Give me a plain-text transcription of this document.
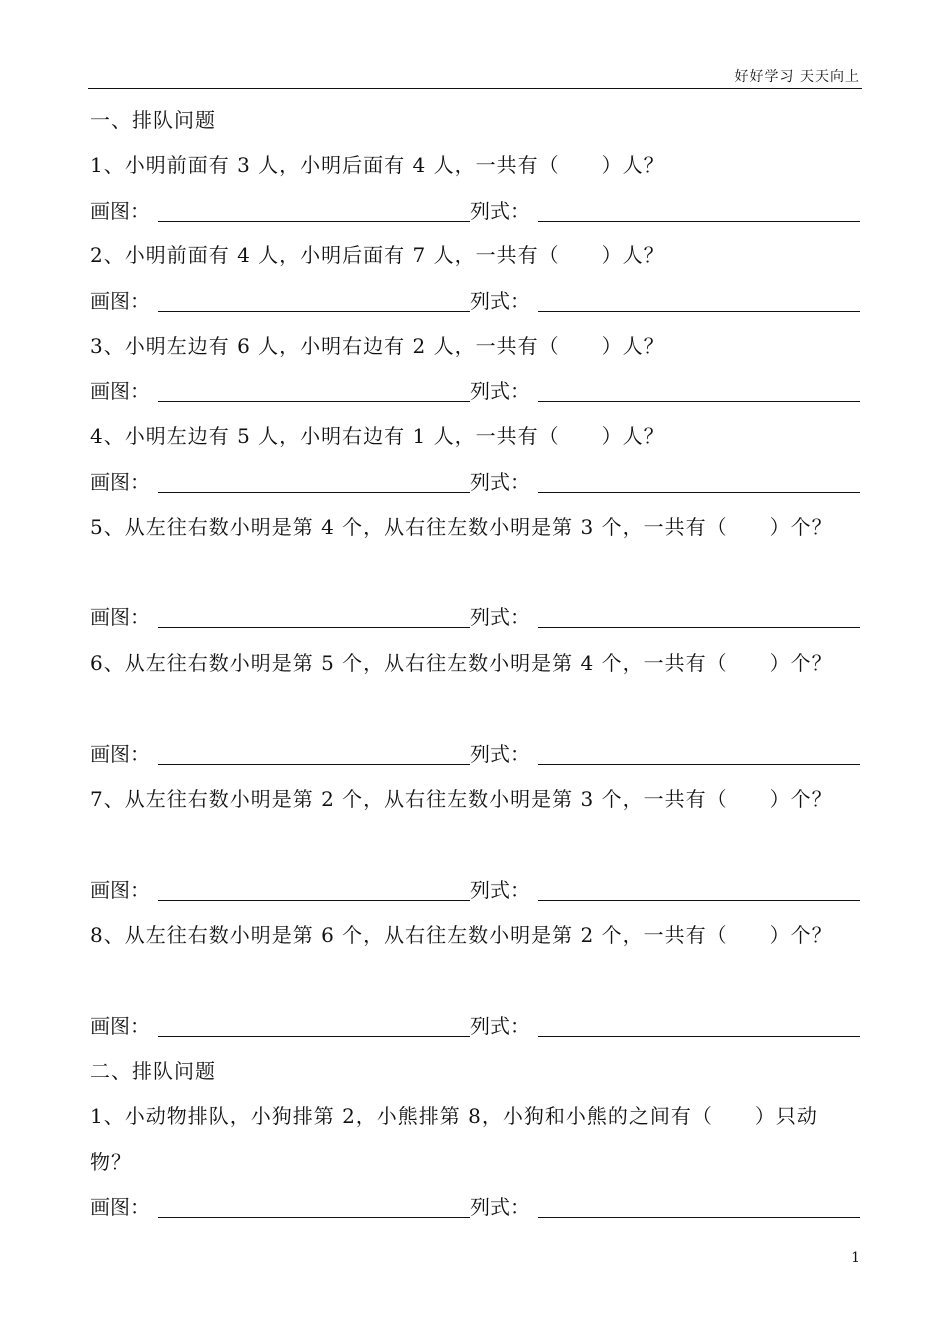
好好学习 天天向上
一、排队问题
1、小明前面有 3 人，小明后面有 4 人，一共有（　　）人？
画图：	列式：
2、小明前面有 4 人，小明后面有 7 人，一共有（　　）人？
画图：	列式：
3、小明左边有 6 人，小明右边有 2 人，一共有（　　）人？
画图：	列式：
4、小明左边有 5 人，小明右边有 1 人，一共有（　　）人？
画图：	列式：
5、从左往右数小明是第 4 个，从右往左数小明是第 3 个，一共有（　　）个？
画图：	列式：
6、从左往右数小明是第 5 个，从右往左数小明是第 4 个，一共有（　　）个？
画图：	列式：
7、从左往右数小明是第 2 个，从右往左数小明是第 3 个，一共有（　　）个？
画图：	列式：
8、从左往右数小明是第 6 个，从右往左数小明是第 2 个，一共有（　　）个？
画图：	列式：
二、排队问题
1、小动物排队，小狗排第 2，小熊排第 8，小狗和小熊的之间有（　　）只动
物？
画图：	列式：
1
